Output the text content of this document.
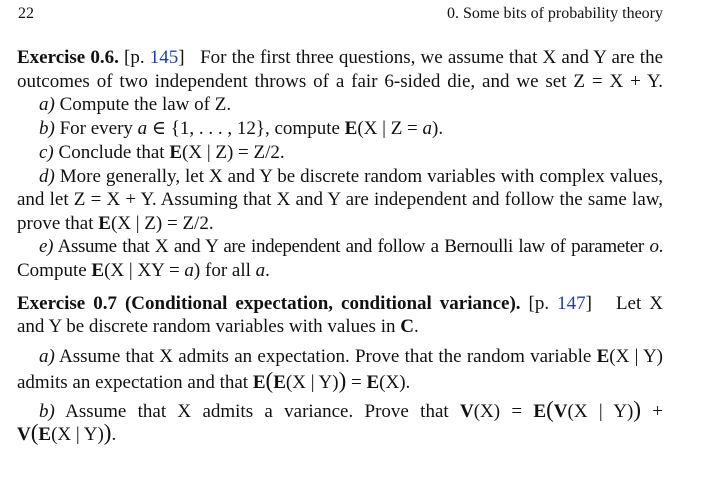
22	0. Some bits of probability theory
Exercise 0.6. [p. 145] For the first three questions, we assume that X and Y are the
outcomes of two independent throws of a fair 6-sided die, and we set Z = X + Y.
a) Compute the law of Z.
b) For every a ∈ {1, . . . , 12}, compute E(X | Z = a).
c) Conclude that E(X | Z) = Z/2.
d) More generally, let X and Y be discrete random variables with complex values,
and let Z = X + Y. Assuming that X and Y are independent and follow the same law,
prove that E(X | Z) = Z/2.
e) Assume that X and Y are independent and follow a Bernoulli law of parameter o.
Compute E(X | XY = a) for all a.
Exercise 0.7 (Conditional expectation, conditional variance). [p. 147] Let X
and Y be discrete random variables with values in C.
a) Assume that X admits an expectation. Prove that the random variable E(X | Y)
admits an expectation and that E(E(X | Y)) = E(X).
b) Assume that X admits a variance. Prove that V(X) = E(V(X | Y)) +
V(E(X | Y)).
